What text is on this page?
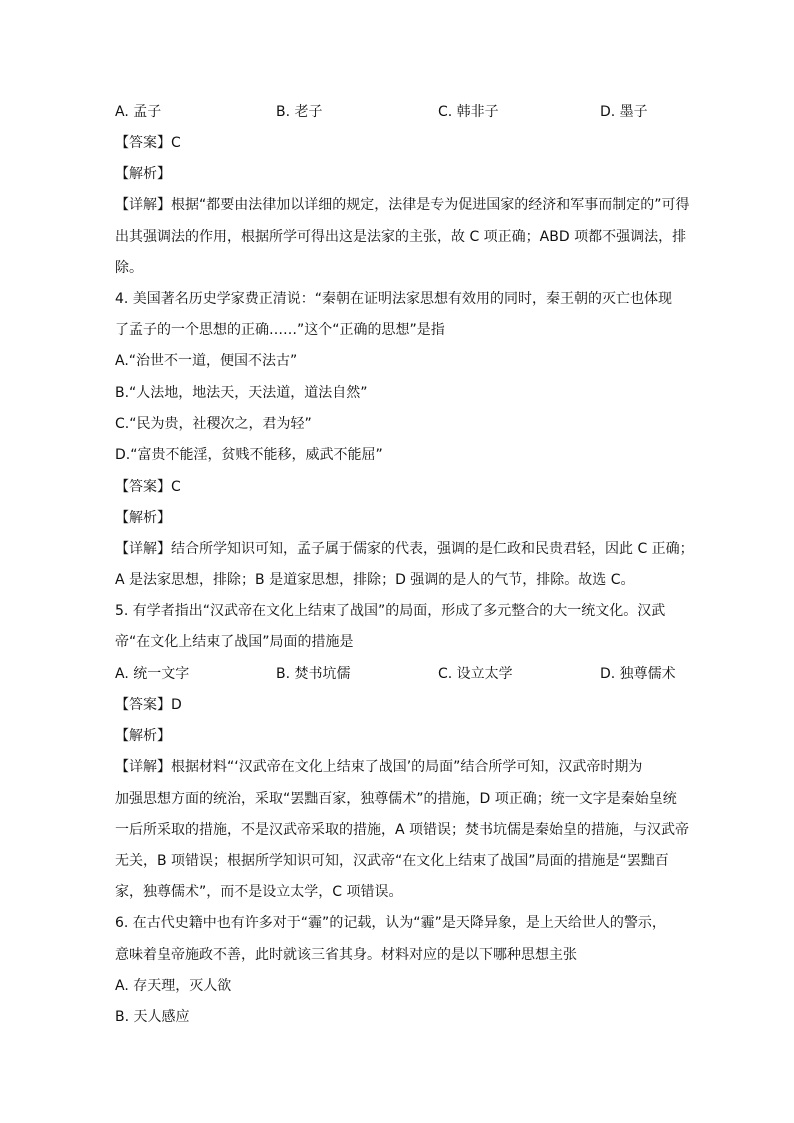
A. 孟子	B. 老子	C. 韩非子	D. 墨子
【答案】C
【解析】
【详解】根据“都要由法律加以详细的规定，法律是专为促进国家的经济和军事而制定的”可得
出其强调法的作用，根据所学可得出这是法家的主张，故 C 项正确；ABD 项都不强调法，排
除。
4. 美国著名历史学家费正清说：“秦朝在证明法家思想有效用的同时，秦王朝的灭亡也体现
了孟子的一个思想的正确……”这个“正确的思想”是指
A.“治世不一道，便国不法古”
B.“人法地，地法天，天法道，道法自然”
C.“民为贵，社稷次之，君为轻”
D.“富贵不能淫，贫贱不能移，威武不能屈”
【答案】C
【解析】
【详解】结合所学知识可知，孟子属于儒家的代表，强调的是仁政和民贵君轻，因此 C 正确；
A 是法家思想，排除；B 是道家思想，排除；D 强调的是人的气节，排除。故选 C。
5. 有学者指出“汉武帝在文化上结束了战国”的局面，形成了多元整合的大一统文化。汉武
帝“在文化上结束了战国”局面的措施是
A. 统一文字	B. 焚书坑儒	C. 设立太学	D. 独尊儒术
【答案】D
【解析】
【详解】根据材料“‘汉武帝在文化上结束了战国’的局面”结合所学可知，汉武帝时期为
加强思想方面的统治，采取“罢黜百家，独尊儒术”的措施，D 项正确；统一文字是秦始皇统
一后所采取的措施，不是汉武帝采取的措施，A 项错误；焚书坑儒是秦始皇的措施，与汉武帝
无关，B 项错误；根据所学知识可知，汉武帝“在文化上结束了战国”局面的措施是“罢黜百
家，独尊儒术”，而不是设立太学，C 项错误。
6. 在古代史籍中也有许多对于“霾”的记载，认为“霾”是天降异象，是上天给世人的警示，
意味着皇帝施政不善，此时就该三省其身。材料对应的是以下哪种思想主张
A. 存天理，灭人欲
B. 天人感应
